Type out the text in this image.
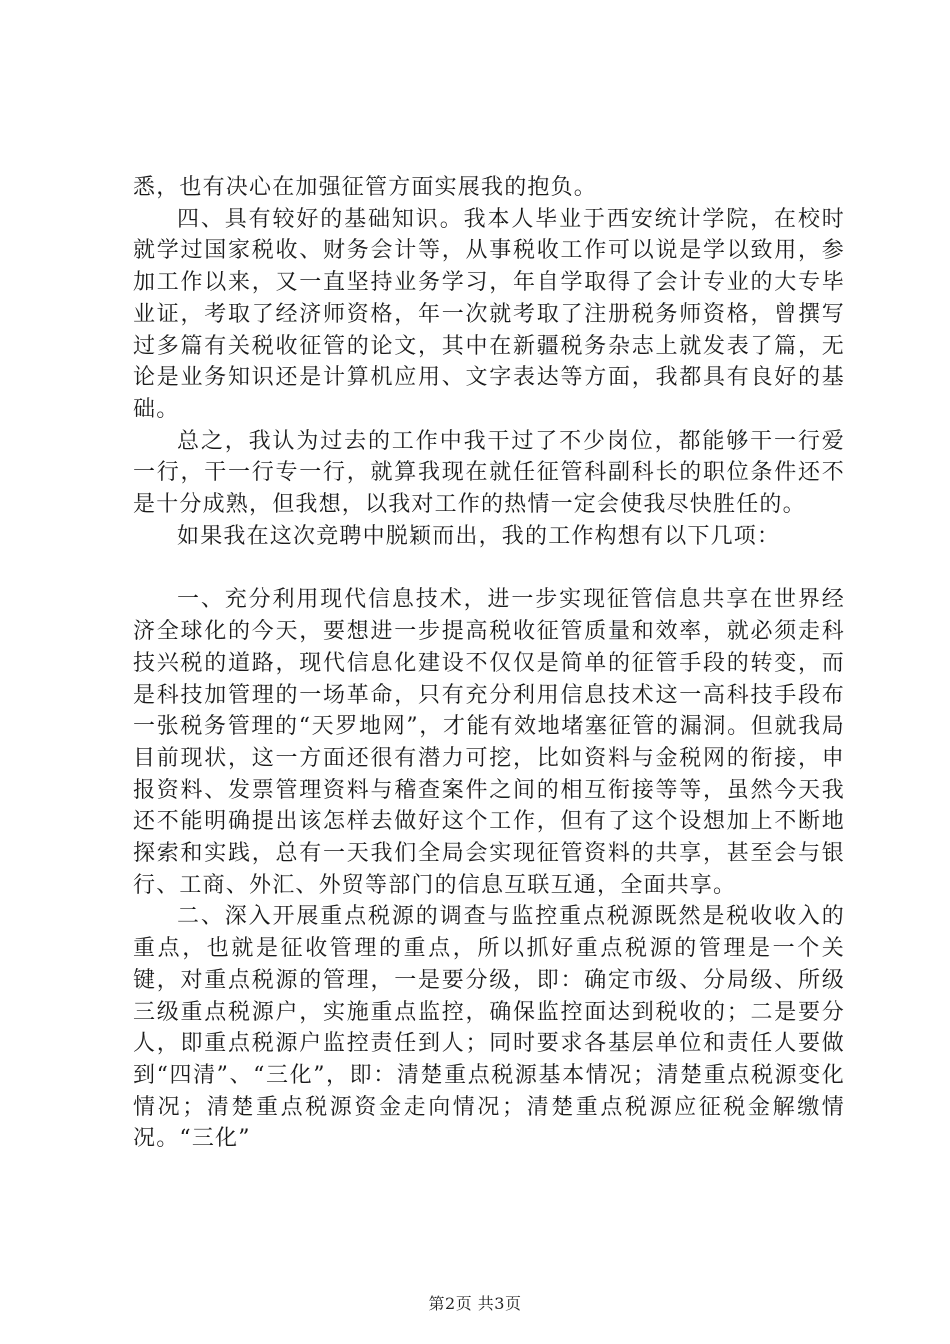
悉，也有决心在加强征管方面实展我的抱负。

四、具有较好的基础知识。我本人毕业于西安统计学院，在校时就学过国家税收、财务会计等，从事税收工作可以说是学以致用，参加工作以来，又一直坚持业务学习，年自学取得了会计专业的大专毕业证，考取了经济师资格，年一次就考取了注册税务师资格，曾撰写过多篇有关税收征管的论文，其中在新疆税务杂志上就发表了篇，无论是业务知识还是计算机应用、文字表达等方面，我都具有良好的基础。

总之，我认为过去的工作中我干过了不少岗位，都能够干一行爱一行，干一行专一行，就算我现在就任征管科副科长的职位条件还不是十分成熟，但我想，以我对工作的热情一定会使我尽快胜任的。

如果我在这次竞聘中脱颖而出，我的工作构想有以下几项：

一、充分利用现代信息技术，进一步实现征管信息共享在世界经济全球化的今天，要想进一步提高税收征管质量和效率，就必须走科技兴税的道路，现代信息化建设不仅仅是简单的征管手段的转变，而是科技加管理的一场革命，只有充分利用信息技术这一高科技手段布一张税务管理的“天罗地网”，才能有效地堵塞征管的漏洞。但就我局目前现状，这一方面还很有潜力可挖，比如资料与金税网的衔接，申报资料、发票管理资料与稽查案件之间的相互衔接等等，虽然今天我还不能明确提出该怎样去做好这个工作，但有了这个设想加上不断地探索和实践，总有一天我们全局会实现征管资料的共享，甚至会与银行、工商、外汇、外贸等部门的信息互联互通，全面共享。

二、深入开展重点税源的调查与监控重点税源既然是税收收入的重点，也就是征收管理的重点，所以抓好重点税源的管理是一个关键，对重点税源的管理，一是要分级，即：确定市级、分局级、所级三级重点税源户，实施重点监控，确保监控面达到税收的；二是要分人，即重点税源户监控责任到人；同时要求各基层单位和责任人要做到“四清”、“三化”，即：清楚重点税源基本情况；清楚重点税源变化情况；清楚重点税源资金走向情况；清楚重点税源应征税金解缴情况。“三化”

第2页 共3页
